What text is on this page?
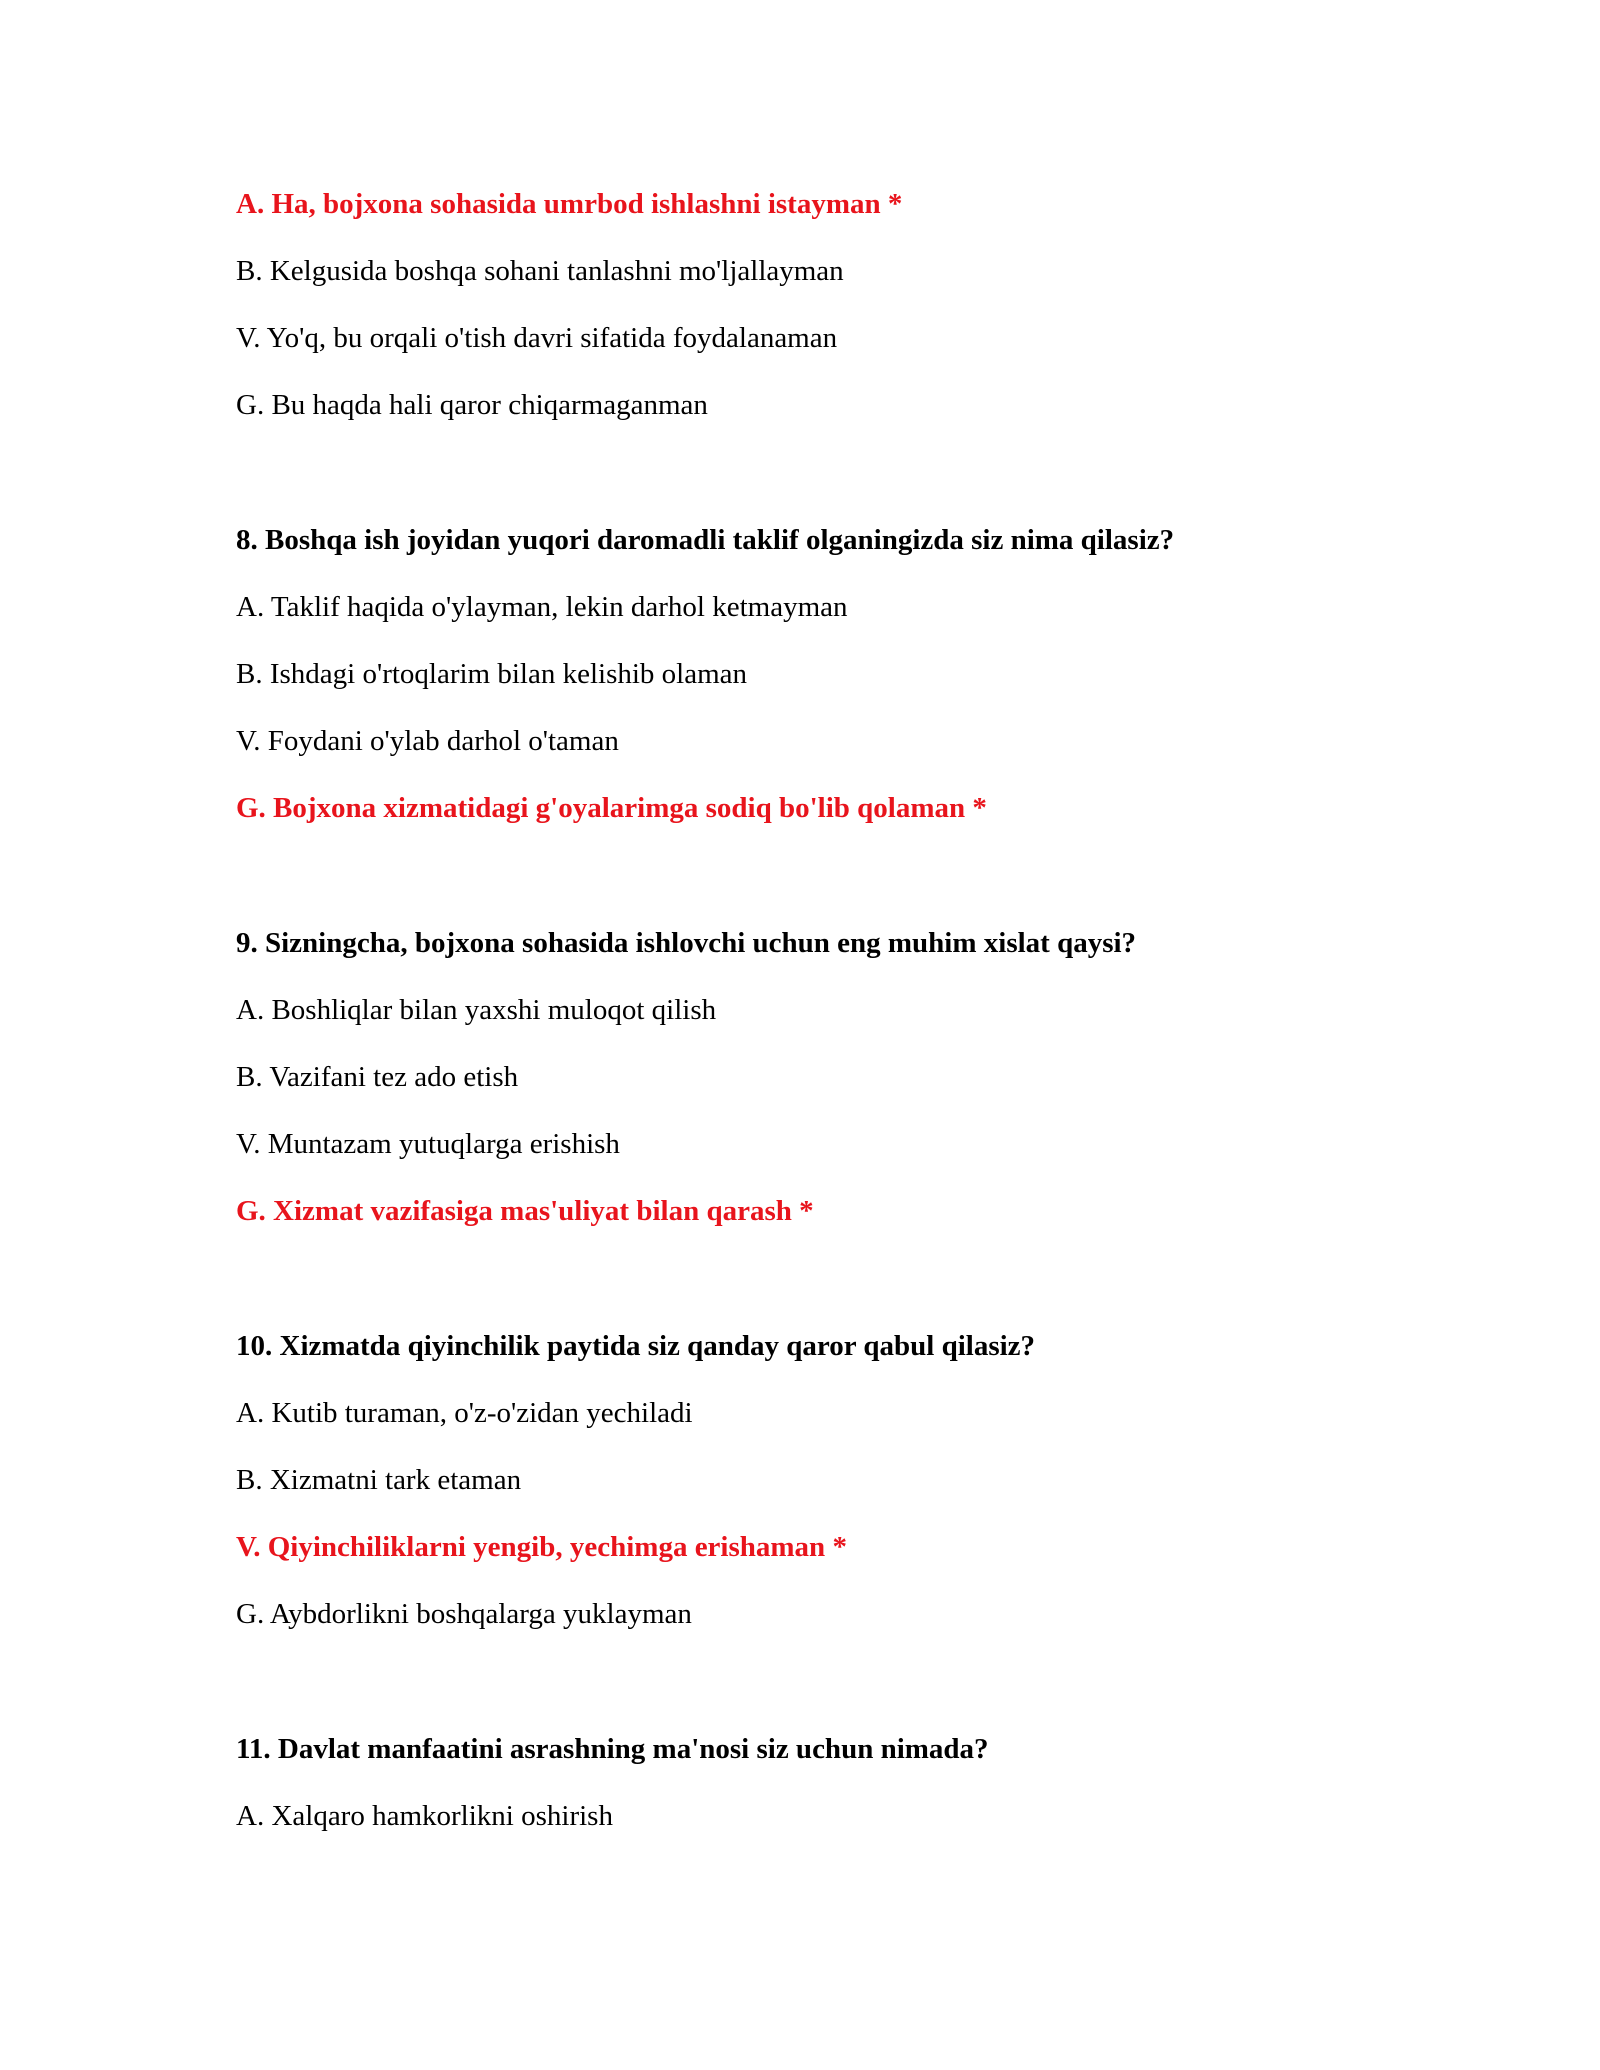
A. Ha, bojxona sohasida umrbod ishlashni istayman *
B. Kelgusida boshqa sohani tanlashni mo'ljallayman
V. Yo'q, bu orqali o'tish davri sifatida foydalanaman
G. Bu haqda hali qaror chiqarmaganman
8. Boshqa ish joyidan yuqori daromadli taklif olganingizda siz nima qilasiz?
A. Taklif haqida o'ylayman, lekin darhol ketmayman
B. Ishdagi o'rtoqlarim bilan kelishib olaman
V. Foydani o'ylab darhol o'taman
G. Bojxona xizmatidagi g'oyalarimga sodiq bo'lib qolaman *
9. Sizningcha, bojxona sohasida ishlovchi uchun eng muhim xislat qaysi?
A. Boshliqlar bilan yaxshi muloqot qilish
B. Vazifani tez ado etish
V. Muntazam yutuqlarga erishish
G. Xizmat vazifasiga mas'uliyat bilan qarash *
10. Xizmatda qiyinchilik paytida siz qanday qaror qabul qilasiz?
A. Kutib turaman, o'z-o'zidan yechiladi
B. Xizmatni tark etaman
V. Qiyinchiliklarni yengib, yechimga erishaman *
G. Aybdorlikni boshqalarga yuklayman
11. Davlat manfaatini asrashning ma'nosi siz uchun nimada?
A. Xalqaro hamkorlikni oshirish
